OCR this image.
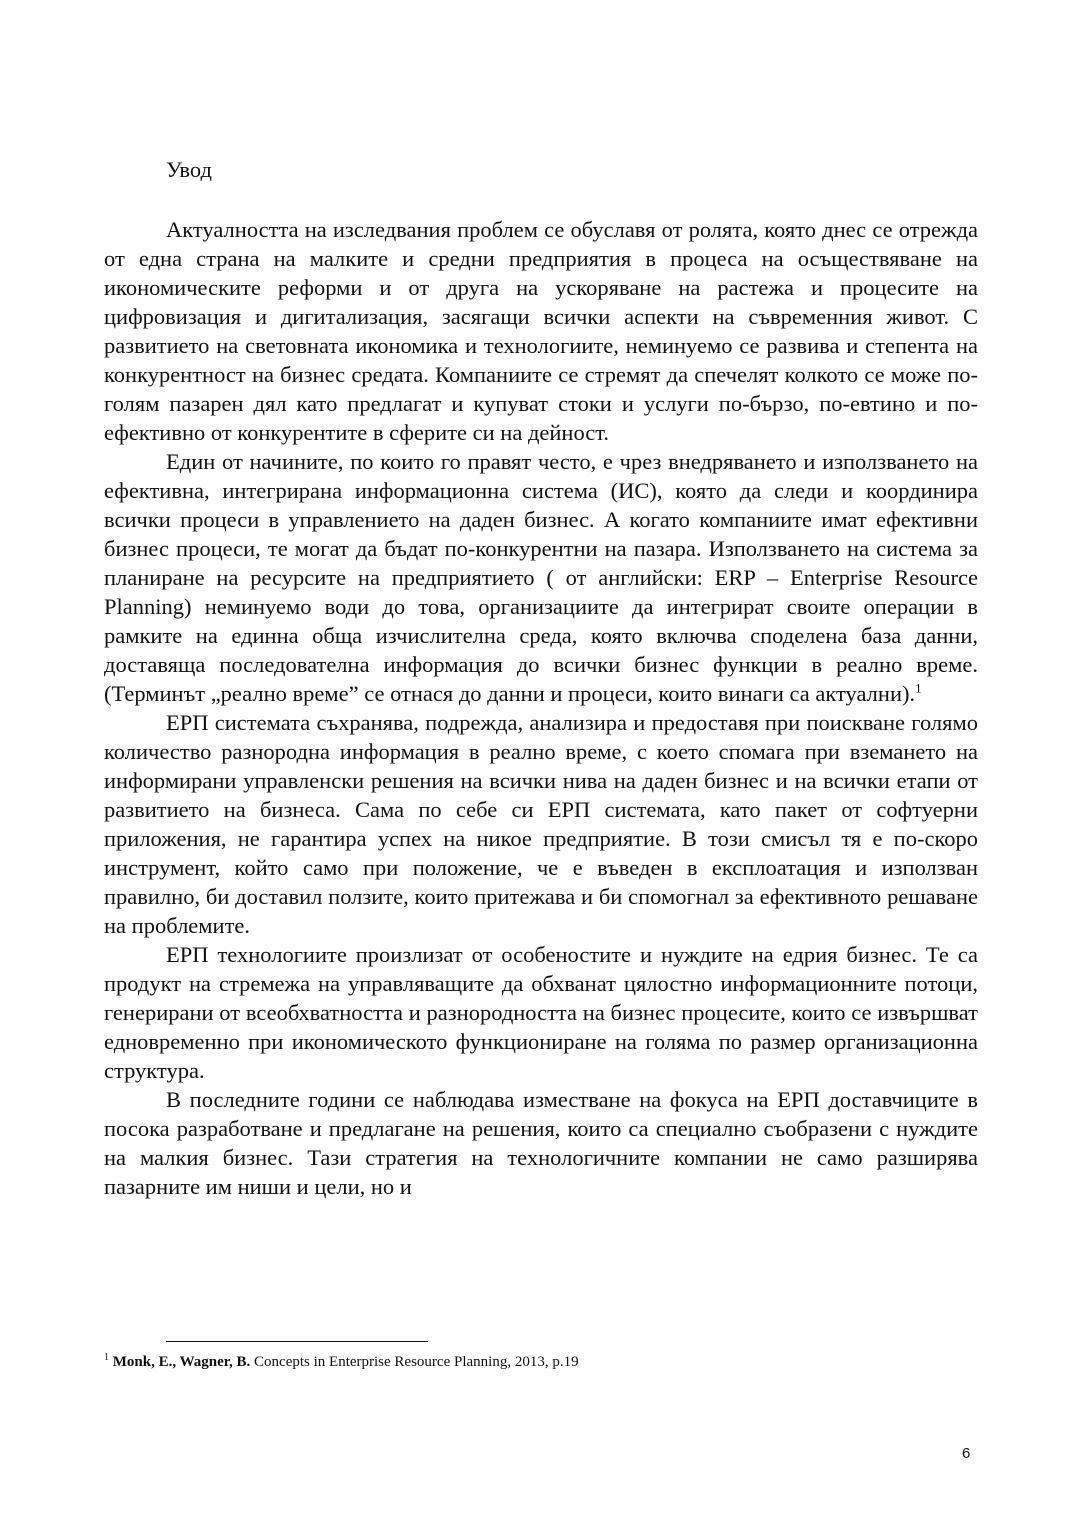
Увод

Актуалността на изследвания проблем се обуславя от ролята, която днес се отрежда от една страна на малките и средни предприятия в процеса на осъществяване на икономическите реформи и от друга на ускоряване на растежа и процесите на цифровизация и дигитализация, засягащи всички аспекти на съвременния живот. С развитието на световната икономика и технологиите, неминуемо се развива и степента на конкурентност на бизнес средата. Компаниите се стремят да спечелят колкото се може по-голям пазарен дял като предлагат и купуват стоки и услуги по-бързо, по-евтино и по-ефективно от конкурентите в сферите си на дейност.

Един от начините, по които го правят често, е чрез внедряването и използването на ефективна, интегрирана информационна система (ИС), която да следи и координира всички процеси в управлението на даден бизнес. А когато компаниите имат ефективни бизнес процеси, те могат да бъдат по-конкурентни на пазара. Използването на система за планиране на ресурсите на предприятието ( от английски: ERP – Enterprise Resource Planning) неминуемо води до това, организациите да интегрират своите операции в рамките на единна обща изчислителна среда, която включва споделена база данни, доставяща последователна информация до всички бизнес функции в реално време. (Терминът „реално време” се отнася до данни и процеси, които винаги са актуални).$^1$

ЕРП системата съхранява, подрежда, анализира и предоставя при поискване голямо количество разнородна информация в реално време, с което спомага при вземането на информирани управленски решения на всички нива на даден бизнес и на всички етапи от развитието на бизнеса. Сама по себе си ЕРП системата, като пакет от софтуерни приложения, не гарантира успех на никое предприятие. В този смисъл тя е по-скоро инструмент, който само при положение, че е въведен в експлоатация и използван правилно, би доставил ползите, които притежава и би спомогнал за ефективното решаване на проблемите.

ЕРП технологиите произлизат от особеностите и нуждите на едрия бизнес. Те са продукт на стремежа на управляващите да обхванат цялостно информационните потоци, генерирани от всеобхватността и разнородността на бизнес процесите, които се извършват едновременно при икономическото функциониране на голяма по размер организационна структура.

В последните години се наблюдава изместване на фокуса на ЕРП доставчиците в посока разработване и предлагане на решения, които са специално съобразени с нуждите на малкия бизнес. Тази стратегия на технологичните компании не само разширява пазарните им ниши и цели, но и

$^1$ Monk, E., Wagner, B. Concepts in Enterprise Resource Planning, 2013, p.19

6
